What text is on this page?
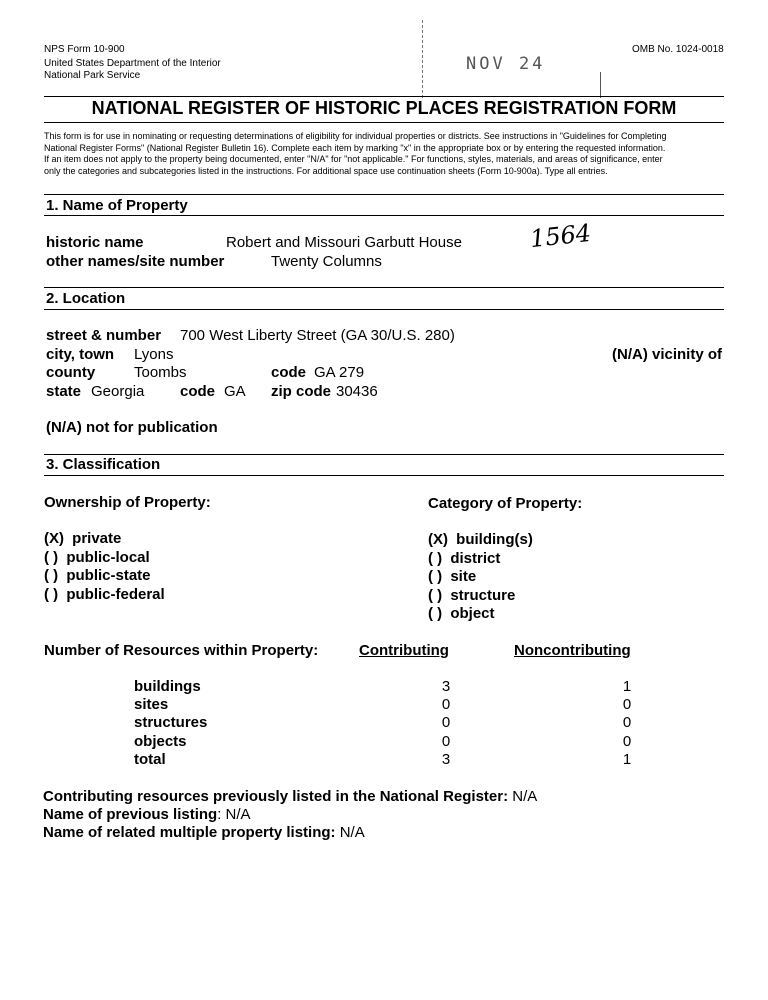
NPS Form 10-900
United States Department of the Interior
National Park Service
OMB No. 1024-0018
NOV 24
NATIONAL REGISTER OF HISTORIC PLACES REGISTRATION FORM
This form is for use in nominating or requesting determinations of eligibility for individual properties or districts. See instructions in "Guidelines for Completing
National Register Forms" (National Register Bulletin 16). Complete each item by marking "x" in the appropriate box or by entering the requested information.
If an item does not apply to the property being documented, enter "N/A" for "not applicable." For functions, styles, materials, and areas of significance, enter
only the categories and subcategories listed in the instructions. For additional space use continuation sheets (Form 10-900a). Type all entries.
1. Name of Property
historic name	Robert and Missouri Garbutt House
other names/site number	Twenty Columns
1564
2. Location
street & number 700 West Liberty Street (GA 30/U.S. 280)
city, town Lyons	(N/A) vicinity of
county	Toombs	code GA 279
state Georgia code GA zip code 30436
(N/A) not for publication
3. Classification
Ownership of Property:	Category of Property:
(X) private
( ) public-local
( ) public-state
( ) public-federal
(X) building(s)
( ) district
( ) site
( ) structure
( ) object
Number of Resources within Property:	Contributing	Noncontributing
buildings	3	1
sites	0	0
structures	0	0
objects	0	0
total	3	1
Contributing resources previously listed in the National Register: N/A
Name of previous listing: N/A
Name of related multiple property listing: N/A
